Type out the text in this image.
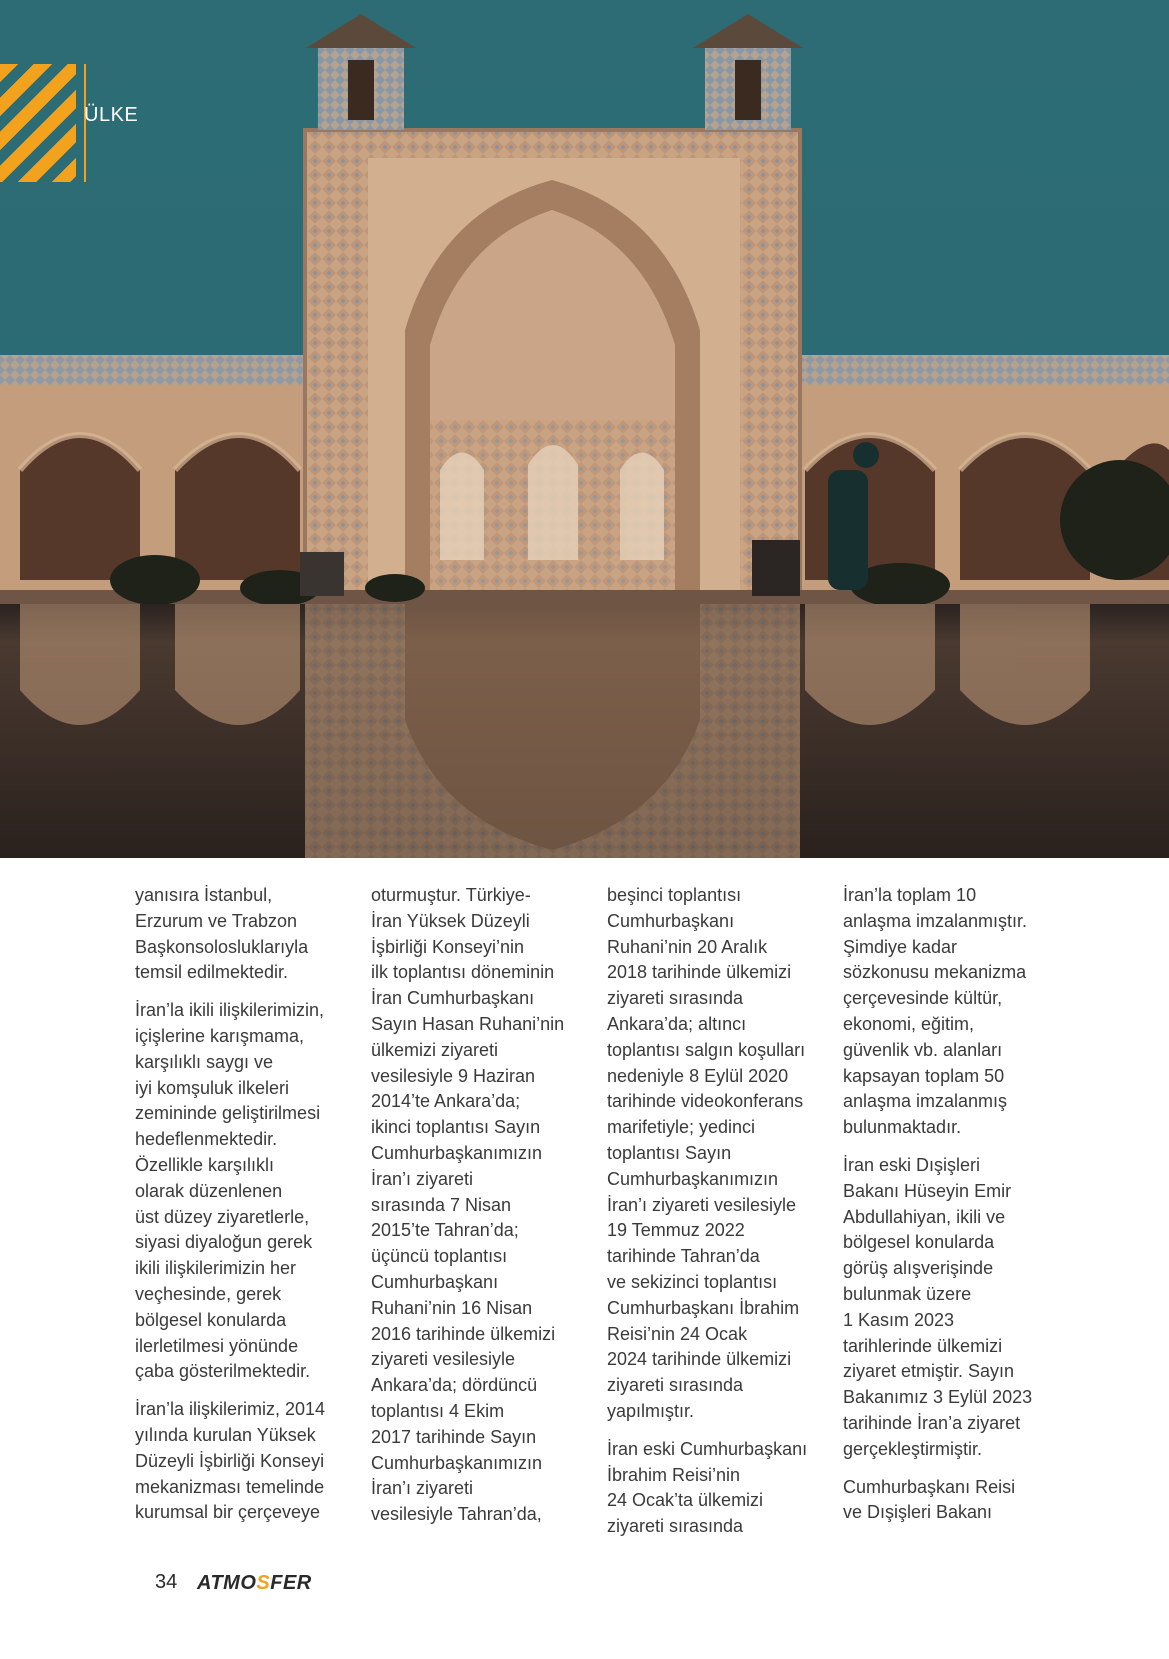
ÜLKE

yanısıra İstanbul,
Erzurum ve Trabzon
Başkonsolosluklarıyla
temsil edilmektedir.

İran’la ikili ilişkilerimizin,
içişlerine karışmama,
karşılıklı saygı ve
iyi komşuluk ilkeleri
zemininde geliştirilmesi
hedeflenmektedir.
Özellikle karşılıklı
olarak düzenlenen
üst düzey ziyaretlerle,
siyasi diyaloğun gerek
ikili ilişkilerimizin her
veçhesinde, gerek
bölgesel konularda
ilerletilmesi yönünde
çaba gösterilmektedir.

İran’la ilişkilerimiz, 2014
yılında kurulan Yüksek
Düzeyli İşbirliği Konseyi
mekanizması temelinde
kurumsal bir çerçeveye

oturmuştur. Türkiye-
İran Yüksek Düzeyli
İşbirliği Konseyi’nin
ilk toplantısı döneminin
İran Cumhurbaşkanı
Sayın Hasan Ruhani’nin
ülkemizi ziyareti
vesilesiyle 9 Haziran
2014’te Ankara’da;
ikinci toplantısı Sayın
Cumhurbaşkanımızın
İran’ı ziyareti
sırasında 7 Nisan
2015’te Tahran’da;
üçüncü toplantısı
Cumhurbaşkanı
Ruhani’nin 16 Nisan
2016 tarihinde ülkemizi
ziyareti vesilesiyle
Ankara’da; dördüncü
toplantısı 4 Ekim
2017 tarihinde Sayın
Cumhurbaşkanımızın
İran’ı ziyareti
vesilesiyle Tahran’da,

beşinci toplantısı
Cumhurbaşkanı
Ruhani’nin 20 Aralık
2018 tarihinde ülkemizi
ziyareti sırasında
Ankara’da; altıncı
toplantısı salgın koşulları
nedeniyle 8 Eylül 2020
tarihinde videokonferans
marifetiyle; yedinci
toplantısı Sayın
Cumhurbaşkanımızın
İran’ı ziyareti vesilesiyle
19 Temmuz 2022
tarihinde Tahran’da
ve sekizinci toplantısı
Cumhurbaşkanı İbrahim
Reisi’nin 24 Ocak
2024 tarihinde ülkemizi
ziyareti sırasında
yapılmıştır.

İran eski Cumhurbaşkanı
İbrahim Reisi’nin
24 Ocak’ta ülkemizi
ziyareti sırasında

İran’la toplam 10
anlaşma imzalanmıştır.
Şimdiye kadar
sözkonusu mekanizma
çerçevesinde kültür,
ekonomi, eğitim,
güvenlik vb. alanları
kapsayan toplam 50
anlaşma imzalanmış
bulunmaktadır.

İran eski Dışişleri
Bakanı Hüseyin Emir
Abdullahiyan, ikili ve
bölgesel konularda
görüş alışverişinde
bulunmak üzere
1 Kasım 2023
tarihlerinde ülkemizi
ziyaret etmiştir. Sayın
Bakanımız 3 Eylül 2023
tarihinde İran’a ziyaret
gerçekleştirmiştir.

Cumhurbaşkanı Reisi
ve Dışişleri Bakanı

34 ATMOSFER
